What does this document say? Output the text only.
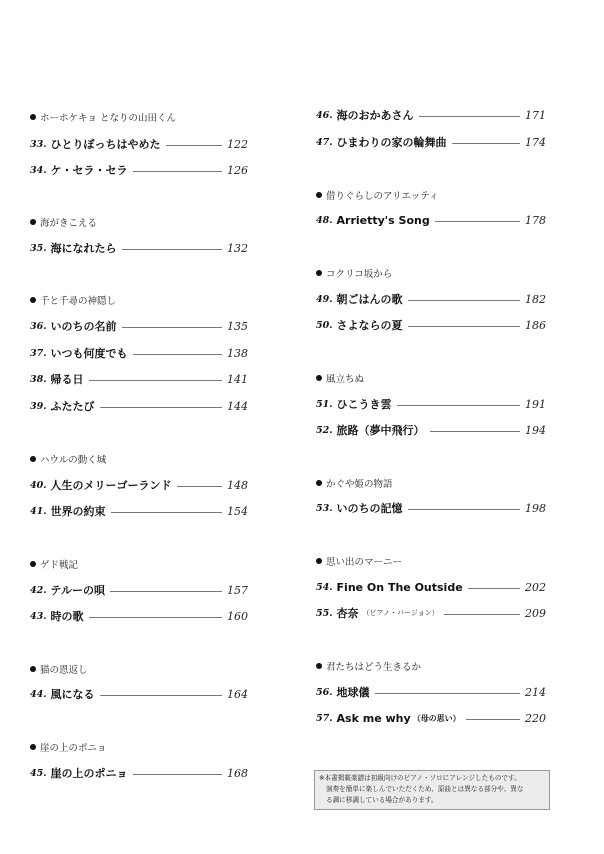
ホーホケキョ となりの山田くん
33. ひとりぼっちはやめた	122
34. ケ・セラ・セラ	126
海がきこえる
35. 海になれたら	132
千と千尋の神隠し
36. いのちの名前	135
37. いつも何度でも	138
38. 帰る日	141
39. ふたたび	144
ハウルの動く城
40. 人生のメリーゴーランド	148
41. 世界の約束	154
ゲド戦記
42. テルーの唄	157
43. 時の歌	160
猫の恩返し
44. 風になる	164
崖の上のポニョ
45. 崖の上のポニョ	168
46. 海のおかあさん	171
47. ひまわりの家の輪舞曲	174
借りぐらしのアリエッティ
48. Arrietty's Song	178
コクリコ坂から
49. 朝ごはんの歌	182
50. さよならの夏	186
風立ちぬ
51. ひこうき雲	191
52. 旅路（夢中飛行）	194
かぐや姫の物語
53. いのちの記憶	198
思い出のマーニー
54. Fine On The Outside	202
55. 杏奈 （ピアノ・バージョン）	209
君たちはどう生きるか
56. 地球儀	214
57. Ask me why （母の思い）	220
※本書掲載楽譜は初級向けのピアノ・ソロにアレンジしたものです。
演奏を簡単に楽しんでいただくため、原曲とは異なる部分や、異な
る調に移調している場合があります。
